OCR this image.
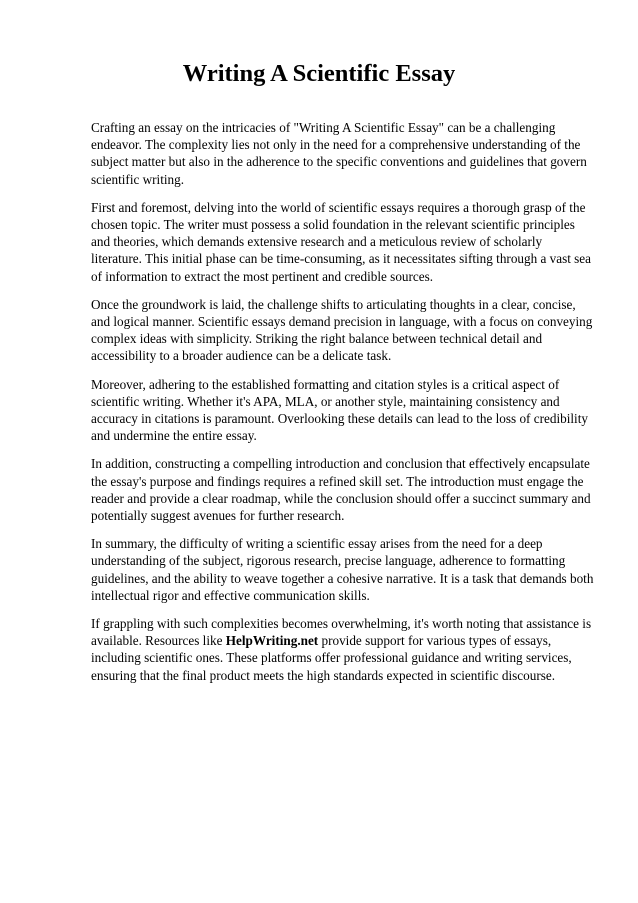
Writing A Scientific Essay

Crafting an essay on the intricacies of "Writing A Scientific Essay" can be a challenging endeavor. The complexity lies not only in the need for a comprehensive understanding of the subject matter but also in the adherence to the specific conventions and guidelines that govern scientific writing.

First and foremost, delving into the world of scientific essays requires a thorough grasp of the chosen topic. The writer must possess a solid foundation in the relevant scientific principles and theories, which demands extensive research and a meticulous review of scholarly literature. This initial phase can be time-consuming, as it necessitates sifting through a vast sea of information to extract the most pertinent and credible sources.

Once the groundwork is laid, the challenge shifts to articulating thoughts in a clear, concise, and logical manner. Scientific essays demand precision in language, with a focus on conveying complex ideas with simplicity. Striking the right balance between technical detail and accessibility to a broader audience can be a delicate task.

Moreover, adhering to the established formatting and citation styles is a critical aspect of scientific writing. Whether it's APA, MLA, or another style, maintaining consistency and accuracy in citations is paramount. Overlooking these details can lead to the loss of credibility and undermine the entire essay.

In addition, constructing a compelling introduction and conclusion that effectively encapsulate the essay's purpose and findings requires a refined skill set. The introduction must engage the reader and provide a clear roadmap, while the conclusion should offer a succinct summary and potentially suggest avenues for further research.

In summary, the difficulty of writing a scientific essay arises from the need for a deep understanding of the subject, rigorous research, precise language, adherence to formatting guidelines, and the ability to weave together a cohesive narrative. It is a task that demands both intellectual rigor and effective communication skills.

If grappling with such complexities becomes overwhelming, it's worth noting that assistance is available. Resources like HelpWriting.net provide support for various types of essays, including scientific ones. These platforms offer professional guidance and writing services, ensuring that the final product meets the high standards expected in scientific discourse.
